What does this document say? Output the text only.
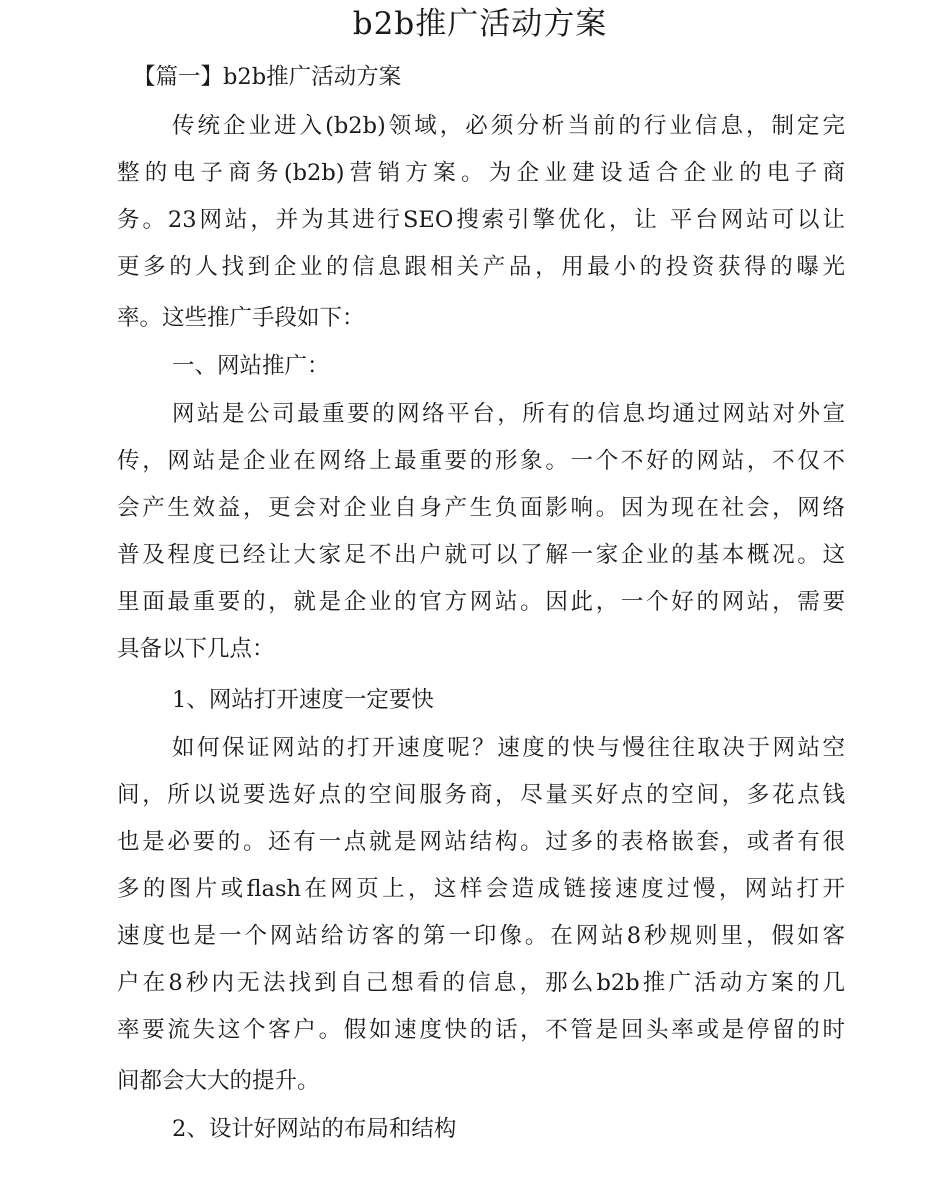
b2b推广活动方案
【篇一】b2b推广活动方案
传统企业进入(b2b)领域，必须分析当前的行业信息，制定完
整的电子商务(b2b)营销方案。为企业建设适合企业的电子商
务。23网站，并为其进行SEO搜索引擎优化，让 平台网站可以让
更多的人找到企业的信息跟相关产品，用最小的投资获得的曝光
率。这些推广手段如下：
一、网站推广：
网站是公司最重要的网络平台，所有的信息均通过网站对外宣
传，网站是企业在网络上最重要的形象。一个不好的网站，不仅不
会产生效益，更会对企业自身产生负面影响。因为现在社会，网络
普及程度已经让大家足不出户就可以了解一家企业的基本概况。这
里面最重要的，就是企业的官方网站。因此，一个好的网站，需要
具备以下几点：
1、网站打开速度一定要快
如何保证网站的打开速度呢？速度的快与慢往往取决于网站空
间，所以说要选好点的空间服务商，尽量买好点的空间，多花点钱
也是必要的。还有一点就是网站结构。过多的表格嵌套，或者有很
多的图片或flash在网页上，这样会造成链接速度过慢，网站打开
速度也是一个网站给访客的第一印像。在网站8秒规则里，假如客
户在8秒内无法找到自己想看的信息，那么b2b推广活动方案的几
率要流失这个客户。假如速度快的话，不管是回头率或是停留的时
间都会大大的提升。
2、设计好网站的布局和结构
